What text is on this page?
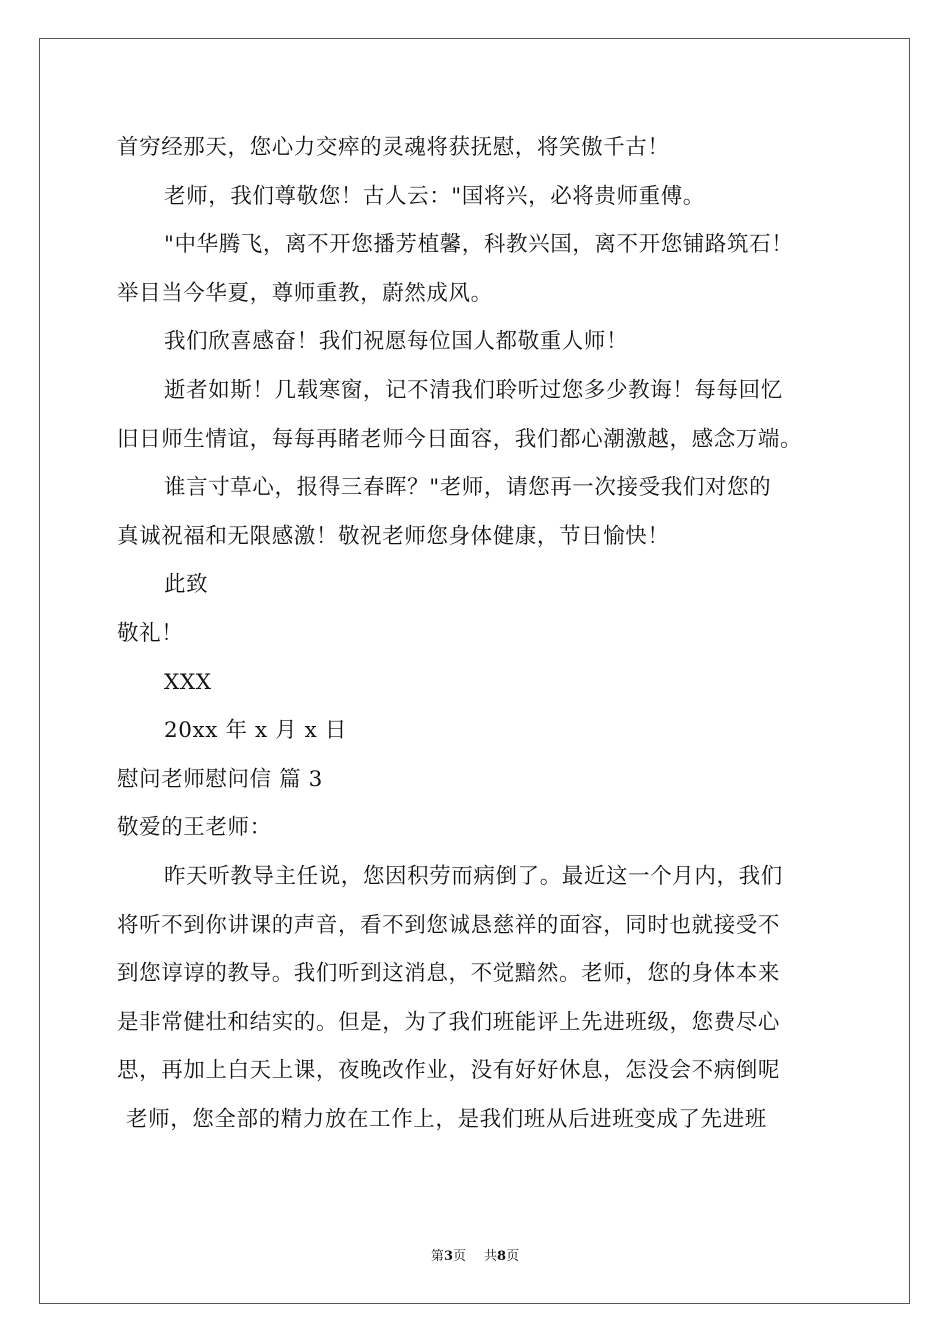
首穷经那天，您心力交瘁的灵魂将获抚慰，将笑傲千古！
老师，我们尊敬您！古人云："国将兴，必将贵师重傅。
"中华腾飞，离不开您播芳植馨，科教兴国，离不开您铺路筑石！
举目当今华夏，尊师重教，蔚然成风。
我们欣喜感奋！我们祝愿每位国人都敬重人师！
逝者如斯！几载寒窗，记不清我们聆听过您多少教诲！每每回忆
旧日师生情谊，每每再睹老师今日面容，我们都心潮激越，感念万端。
谁言寸草心，报得三春晖？"老师，请您再一次接受我们对您的
真诚祝福和无限感激！敬祝老师您身体健康，节日愉快！
此致
敬礼！
XXX
20xx 年 x 月 x 日
慰问老师慰问信 篇 3
敬爱的王老师：
昨天听教导主任说，您因积劳而病倒了。最近这一个月内，我们
将听不到你讲课的声音，看不到您诚恳慈祥的面容，同时也就接受不
到您谆谆的教导。我们听到这消息，不觉黯然。老师，您的身体本来
是非常健壮和结实的。但是，为了我们班能评上先进班级，您费尽心
思，再加上白天上课，夜晚改作业，没有好好休息，怎没会不病倒呢
老师，您全部的精力放在工作上，是我们班从后进班变成了先进班
第3页 共8页
